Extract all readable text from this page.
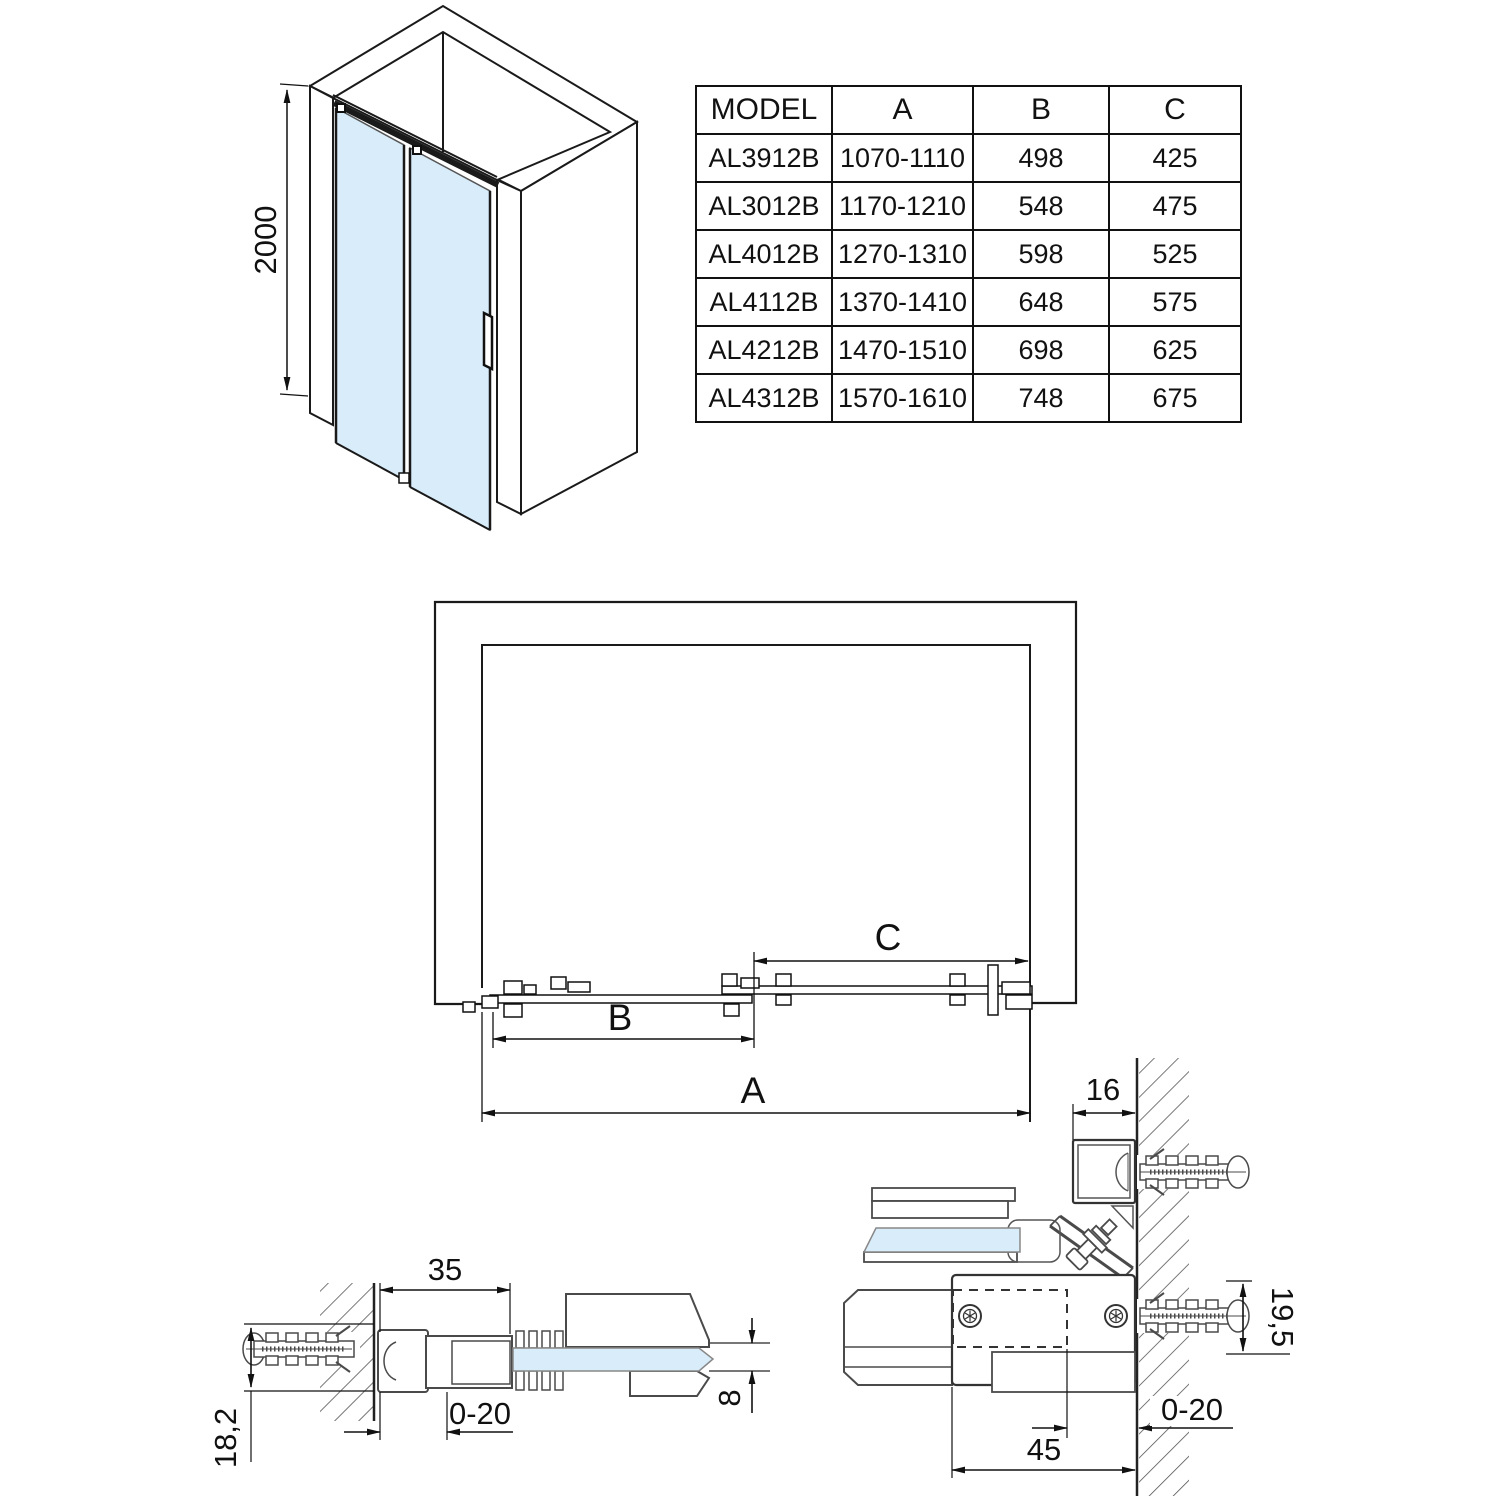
2000
MODEL	A	B	C
AL3912B	1070-1110	498	425
AL3012B	1170-1210	548	475
AL4012B	1270-1310	598	525
AL4112B	1370-1410	648	575
AL4212B	1470-1510	698	625
AL4312B	1570-1610	748	675
C
B
A
35
18,2	0-20	8
16
19,5
0-20
45
